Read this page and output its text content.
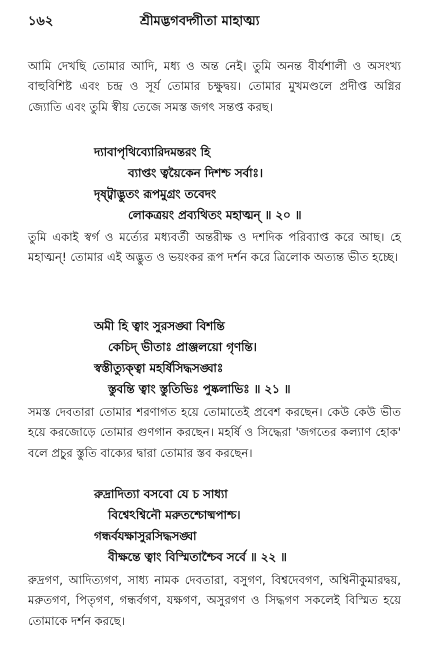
১৬২	শ্রীমদ্ভগবদ্গীতা মাহাত্ম্য

আমি দেখছি তোমার আদি, মধ্য ও অন্ত নেই। তুমি অনন্ত বীর্যশালী ও অসংখ্য বাহুবিশিষ্ট এবং চন্দ্র ও সূর্য তোমার চক্ষুদ্বয়। তোমার মুখমণ্ডলে প্রদীপ্ত অগ্নির জ্যোতি এবং তুমি স্বীয় তেজে সমস্ত জগৎ সন্তপ্ত করছ।

দ্যাবাপৃথিব্যোরিদমন্তরং হি

ব্যাপ্তং ত্বয়ৈকেন দিশশ্চ সর্বাঃ।

দৃষ্ট্বাদ্ভুতং রূপমুগ্রং তবেদং

লোকত্রয়ং প্রব্যথিতং মহাত্মন্ ॥ ২০ ॥

তুমি একাই স্বর্গ ও মর্ত্যের মধ্যবর্তী অন্তরীক্ষ ও দশদিক পরিব্যাপ্ত করে আছ। হে মহাত্মন্! তোমার এই অদ্ভুত ও ভয়ংকর রূপ দর্শন করে ত্রিলোক অত্যন্ত ভীত হচ্ছে।

অমী হি ত্বাং সুরসঙ্ঘা বিশন্তি

কেচিদ্ ভীতাঃ প্রাঞ্জলয়ো গৃণন্তি।

স্বস্তীত্যুক্ত্বা মহর্ষিসিদ্ধসঙ্ঘাঃ

স্তুবন্তি ত্বাং স্তুতিভিঃ পুষ্কলাভিঃ ॥ ২১ ॥

সমস্ত দেবতারা তোমার শরণাগত হয়ে তোমাতেই প্রবেশ করছেন। কেউ কেউ ভীত হয়ে করজোড়ে তোমার গুণগান করছেন। মহর্ষি ও সিদ্ধেরা 'জগতের কল্যাণ হোক' বলে প্রচুর স্তুতি বাক্যের দ্বারা তোমার স্তব করছেন।

রুদ্রাদিত্যা বসবো যে চ সাধ্যা

বিশ্বেঽশ্বিনৌ মরুতশ্চোষ্মপাশ্চ।

গন্ধর্বযক্ষাসুরসিদ্ধসঙ্ঘা

বীক্ষন্তে ত্বাং বিস্মিতাশ্চৈব সর্বে ॥ ২২ ॥

রুদ্রগণ, আদিত্যগণ, সাধ্য নামক দেবতারা, বসুগণ, বিশ্বদেবগণ, অশ্বিনীকুমারদ্বয়, মরুতগণ, পিতৃগণ, গন্ধর্বগণ, যক্ষগণ, অসুরগণ ও সিদ্ধগণ সকলেই বিস্মিত হয়ে তোমাকে দর্শন করছে।
